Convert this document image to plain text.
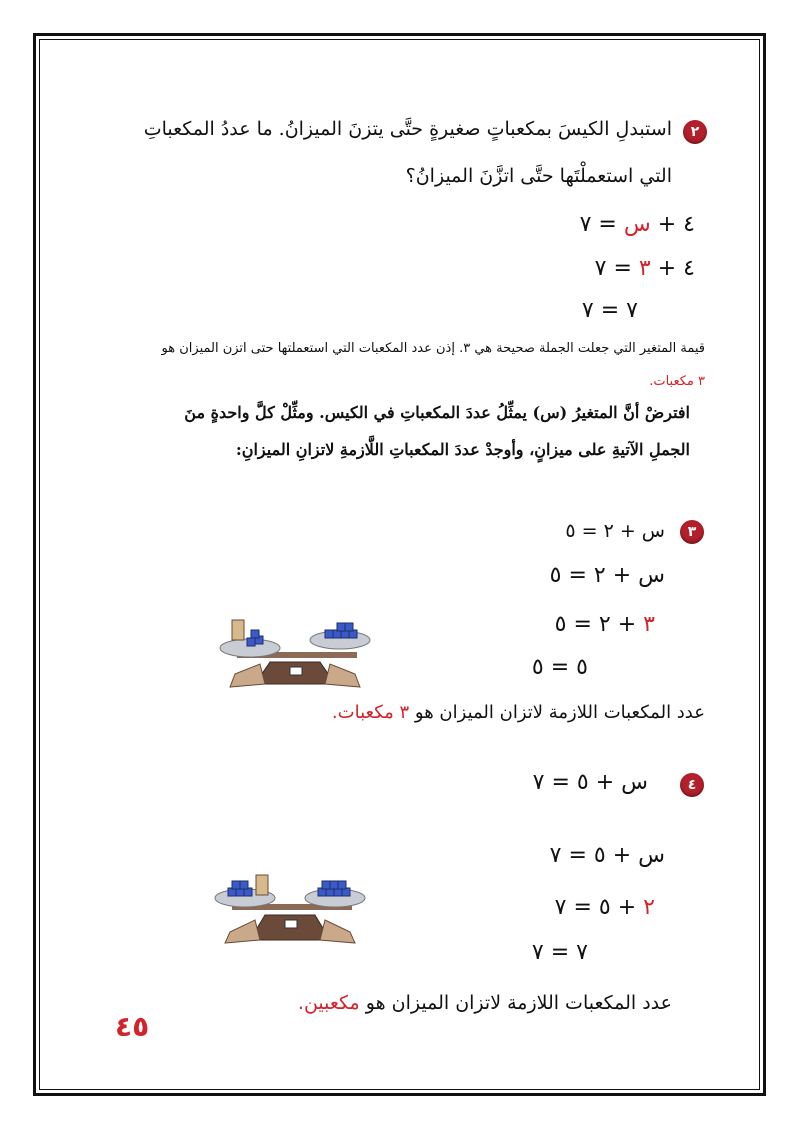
٢
استبدلِ الكيسَ بمكعباتٍ صغيرةٍ حتَّى يتزنَ الميزانُ. ما عددُ المكعباتِ
التي استعملْتَها حتَّى اتزَّنَ الميزانُ؟
٤ + س = ٧
٤ + ٣ = ٧
٧ = ٧
قيمة المتغير التي جعلت الجملة صحيحة هي ٣. إذن عدد المكعبات التي استعملتها حتى اتزن الميزان هو
٣ مكعبات.
افترضْ أنَّ المتغيرُ (س) يمثِّلُ عددَ المكعباتِ في الكيس. ومثِّلْ كلَّ واحدةٍ منَ
الجملِ الآتيةِ على ميزانٍ، وأوجدْ عددَ المكعباتِ اللَّازمةِ لاتزانِ الميزانِ:
٣
س + ٢ = ٥
س + ٢ = ٥
٣ + ٢ = ٥
٥ = ٥
عدد المكعبات اللازمة لاتزان الميزان هو ٣ مكعبات.
٤
س + ٥ = ٧
س + ٥ = ٧
٢ + ٥ = ٧
٧ = ٧
عدد المكعبات اللازمة لاتزان الميزان هو مكعبين.
٤٥
